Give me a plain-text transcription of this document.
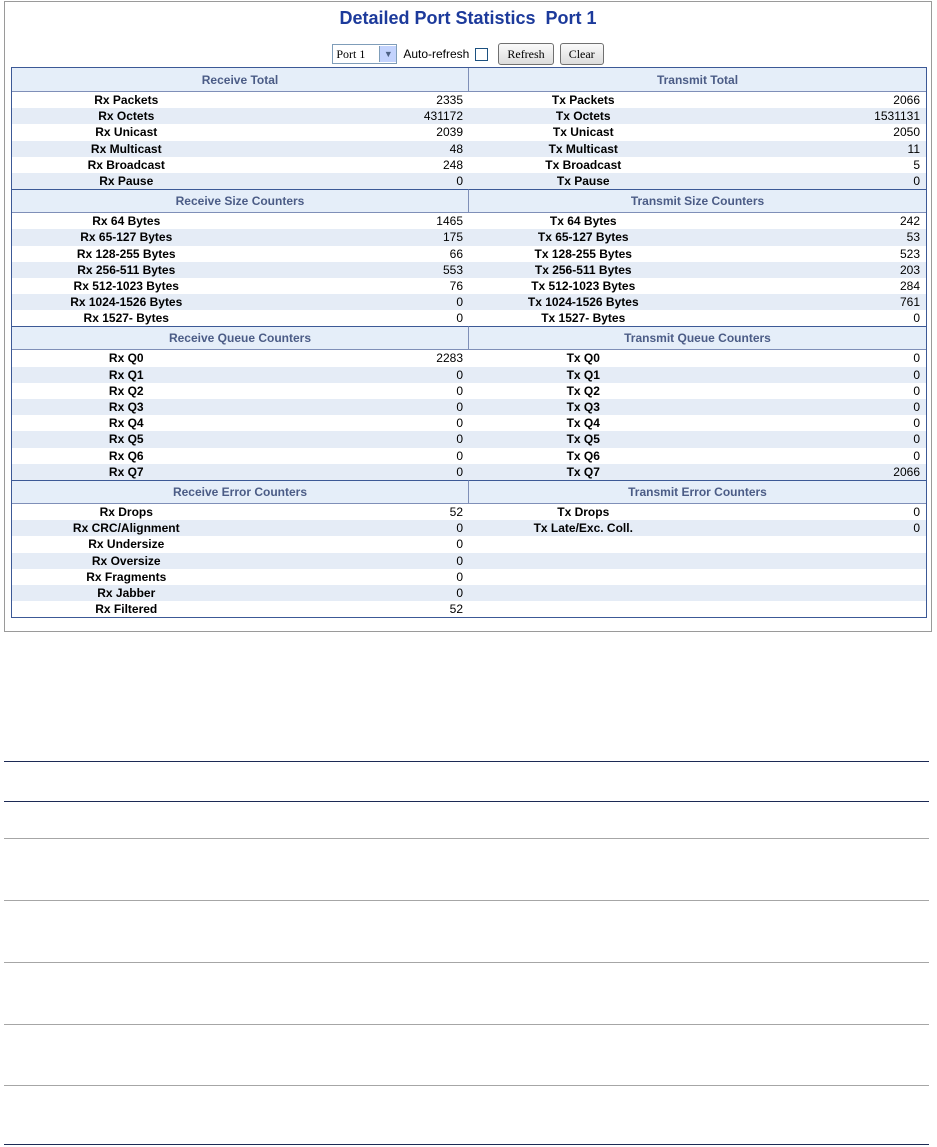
Detailed Port Statistics  Port 1
Port 1	▼ Auto-refresh	Refresh	Clear
Receive Total	Transmit Total
Rx Packets	2335	Tx Packets	2066
Rx Octets	431172	Tx Octets	1531131
Rx Unicast	2039	Tx Unicast	2050
Rx Multicast	48	Tx Multicast	11
Rx Broadcast	248	Tx Broadcast	5
Rx Pause	0	Tx Pause	0
Receive Size Counters	Transmit Size Counters
Rx 64 Bytes	1465	Tx 64 Bytes	242
Rx 65-127 Bytes	175	Tx 65-127 Bytes	53
Rx 128-255 Bytes	66	Tx 128-255 Bytes	523
Rx 256-511 Bytes	553	Tx 256-511 Bytes	203
Rx 512-1023 Bytes	76	Tx 512-1023 Bytes	284
Rx 1024-1526 Bytes	0	Tx 1024-1526 Bytes	761
Rx 1527- Bytes	0	Tx 1527- Bytes	0
Receive Queue Counters	Transmit Queue Counters
Rx Q0	2283	Tx Q0	0
Rx Q1	0	Tx Q1	0
Rx Q2	0	Tx Q2	0
Rx Q3	0	Tx Q3	0
Rx Q4	0	Tx Q4	0
Rx Q5	0	Tx Q5	0
Rx Q6	0	Tx Q6	0
Rx Q7	0	Tx Q7	2066
Receive Error Counters	Transmit Error Counters
Rx Drops	52	Tx Drops	0
Rx CRC/Alignment	0	Tx Late/Exc. Coll.	0
Rx Undersize	0
Rx Oversize	0
Rx Fragments	0
Rx Jabber	0
Rx Filtered	52
